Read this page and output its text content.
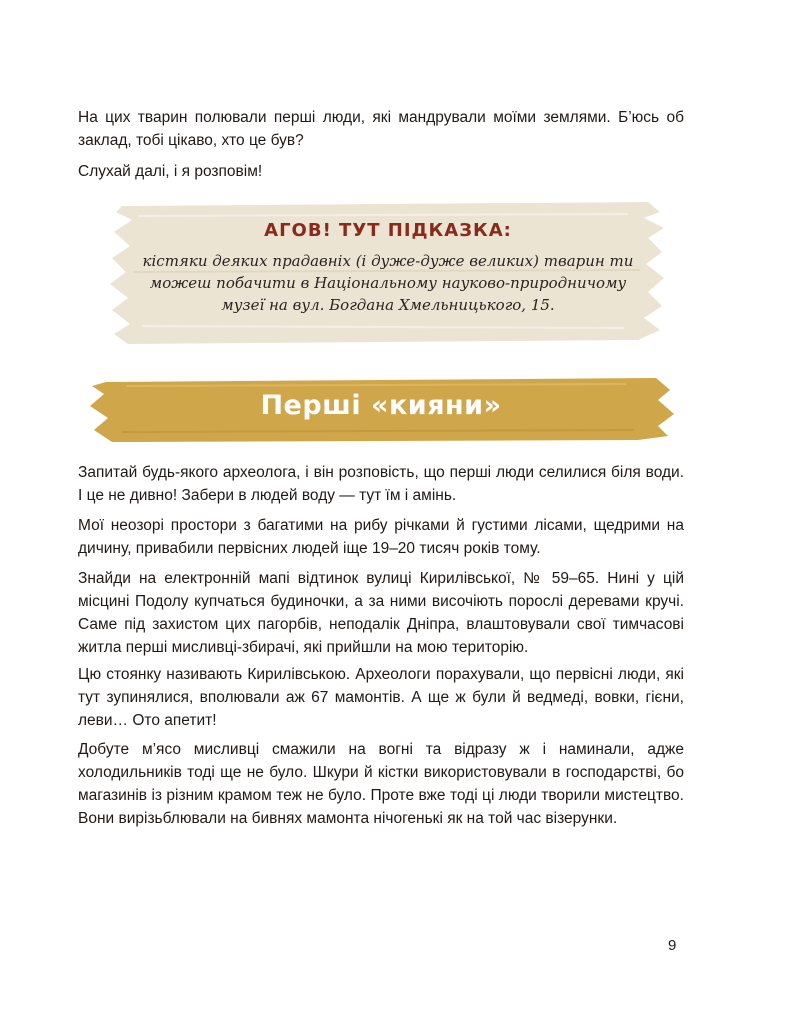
На цих тварин полювали перші люди, які мандрували моїми землями. Б’юсь об заклад, тобі цікаво, хто це був?

Слухай далі, і я розповім!

АГОВ! ТУТ ПІДКАЗКА:
кістяки деяких прадавніх (і дуже-дуже великих) тварин ти можеш побачити в Національному науково-природничому музеї на вул. Богдана Хмельницького, 15.
Перші «кияни»

Запитай будь-якого археолога, і він розповість, що перші люди селилися біля води. І це не дивно! Забери в людей воду — тут їм і амінь.

Мої неозорі простори з багатими на рибу річками й густими лісами, щедрими на дичину, привабили первісних людей іще 19–20 тисяч років тому.

Знайди на електронній мапі відтинок вулиці Кирилівської, № 59–65. Нині у цій місцині Подолу купчаться будиночки, а за ними височіють порослі деревами кручі. Саме під захистом цих пагорбів, неподалік Дніпра, влаштовували свої тимчасові житла перші мисливці-збирачі, які прийшли на мою територію.

Цю стоянку називають Кирилівською. Археологи порахували, що первісні люди, які тут зупинялися, вполювали аж 67 мамонтів. А ще ж були й ведмеді, вовки, гієни, леви… Ото апетит!

Добуте м’ясо мисливці смажили на вогні та відразу ж і наминали, адже холодильників тоді ще не було. Шкури й кістки використовували в господарстві, бо магазинів із різним крамом теж не було. Проте вже тоді ці люди творили мистецтво. Вони вирізьблювали на бивнях мамонта нічогенькі як на той час візерунки.

9
